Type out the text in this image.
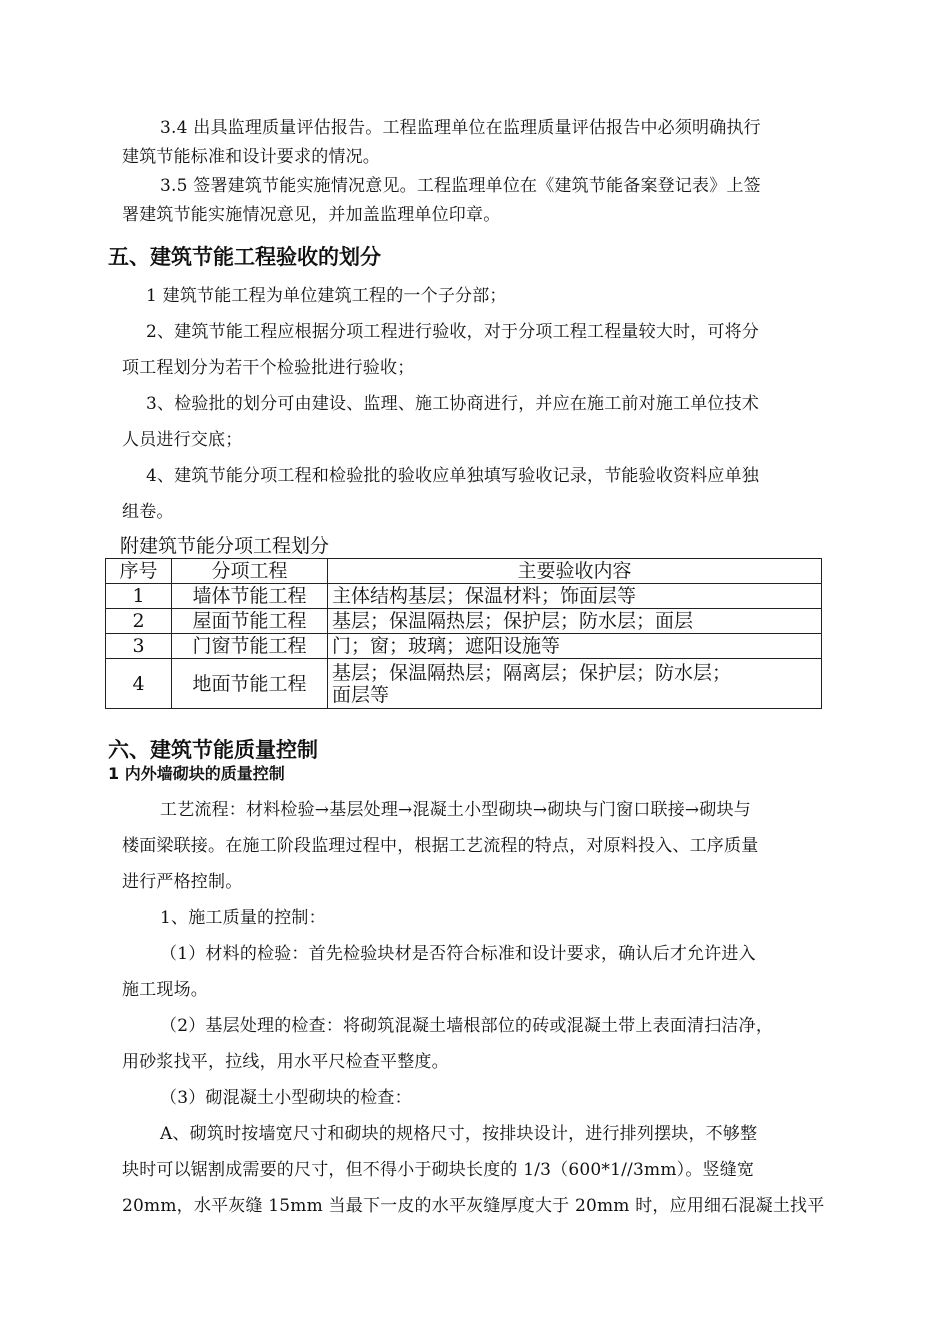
3.4 出具监理质量评估报告。工程监理单位在监理质量评估报告中必须明确执行
建筑节能标准和设计要求的情况。
3.5 签署建筑节能实施情况意见。工程监理单位在《建筑节能备案登记表》上签
署建筑节能实施情况意见，并加盖监理单位印章。
五、建筑节能工程验收的划分
1 建筑节能工程为单位建筑工程的一个子分部；
2、建筑节能工程应根据分项工程进行验收，对于分项工程工程量较大时，可将分
项工程划分为若干个检验批进行验收；
3、检验批的划分可由建设、监理、施工协商进行，并应在施工前对施工单位技术
人员进行交底；
4、建筑节能分项工程和检验批的验收应单独填写验收记录，节能验收资料应单独
组卷。
附建筑节能分项工程划分
序号	分项工程	主要验收内容
1	墙体节能工程	主体结构基层；保温材料；饰面层等
2	屋面节能工程	基层；保温隔热层；保护层；防水层；面层
3	门窗节能工程	门；窗；玻璃；遮阳设施等
4	地面节能工程	基层；保温隔热层；隔离层；保护层；防水层；
面层等
六、建筑节能质量控制
1 内外墙砌块的质量控制
工艺流程：材料检验→基层处理→混凝土小型砌块→砌块与门窗口联接→砌块与
楼面梁联接。在施工阶段监理过程中，根据工艺流程的特点，对原料投入、工序质量
进行严格控制。
1、施工质量的控制：
（1）材料的检验：首先检验块材是否符合标准和设计要求，确认后才允许进入
施工现场。
（2）基层处理的检查：将砌筑混凝土墙根部位的砖或混凝土带上表面清扫洁净，
用砂浆找平，拉线，用水平尺检查平整度。
（3）砌混凝土小型砌块的检查：
A、砌筑时按墙宽尺寸和砌块的规格尺寸，按排块设计，进行排列摆块，不够整
块时可以锯割成需要的尺寸，但不得小于砌块长度的 1/3（600*1//3mm）。竖缝宽
20mm，水平灰缝 15mm 当最下一皮的水平灰缝厚度大于 20mm 时，应用细石混凝土找平
